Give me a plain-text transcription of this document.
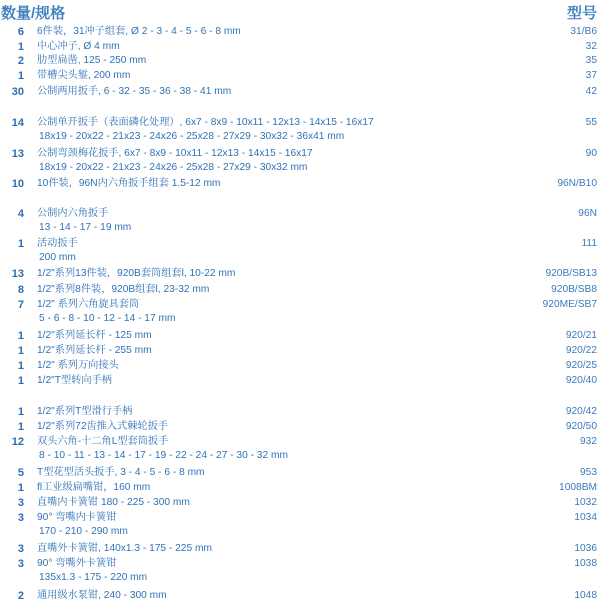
数量/规格	型号
6 6件装，31冲子组套, Ø 2 - 3 - 4 - 5 - 6 - 8 mm	31/B6
1 中心冲子, Ø 4 mm	32
2 肋型扁凿, 125 - 250 mm	35
1 带槽尖头錾, 200 mm	37
30 公制两用扳手, 6 - 32 - 35 - 36 - 38 - 41 mm	42
14 公制单开扳手（表面磷化处理）, 6x7 - 8x9 - 10x11 - 12x13 - 14x15 - 16x17	55
18x19 - 20x22 - 21x23 - 24x26 - 25x28 - 27x29 - 30x32 - 36x41 mm
13 公制弯颈梅花扳手, 6x7 - 8x9 - 10x11 - 12x13 - 14x15 - 16x17	90
18x19 - 20x22 - 21x23 - 24x26 - 25x28 - 27x29 - 30x32 mm
10 10件装，96N内六角扳手组套 1.5-12 mm	96N/B10
4 公制内六角扳手	96N
13 - 14 - 17 - 19 mm
1 活动扳手	111
200 mm
13 1/2"系列13件装，920B套筒组套l, 10-22 mm	920B/SB13
8 1/2"系列8件装，920B组套l, 23-32 mm	920B/SB8
7 1/2" 系列六角旋具套筒	920ME/SB7
5 - 6 - 8 - 10 - 12 - 14 - 17 mm
1 1/2"系列延长杆 - 125 mm	920/21
1 1/2"系列延长杆 - 255 mm	920/22
1 1/2" 系列万向接头	920/25
1 1/2"T型转向手柄	920/40
1 1/2"系列T型滑行手柄	920/42
1 1/2"系列72齿推入式棘轮扳手	920/50
12 双头六角-十二角L型套筒扳手	932
8 - 10 - 11 - 13 - 14 - 17 - 19 - 22 - 24 - 27 - 30 - 32 mm
5 T型花型活头扳手, 3 - 4 - 5 - 6 - 8 mm	953
1 fl工业级扁嘴钳，160 mm	1008BM
3 直嘴内卡簧钳 180 - 225 - 300 mm	1032
3 90° 弯嘴内卡簧钳	1034
170 - 210 - 290 mm
3 直嘴外卡簧钳, 140x1.3 - 175 - 225 mm	1036
3 90° 弯嘴外卡簧钳	1038
135x1.3 - 175 - 220 mm
2 通用级水泵钳, 240 - 300 mm	1048
